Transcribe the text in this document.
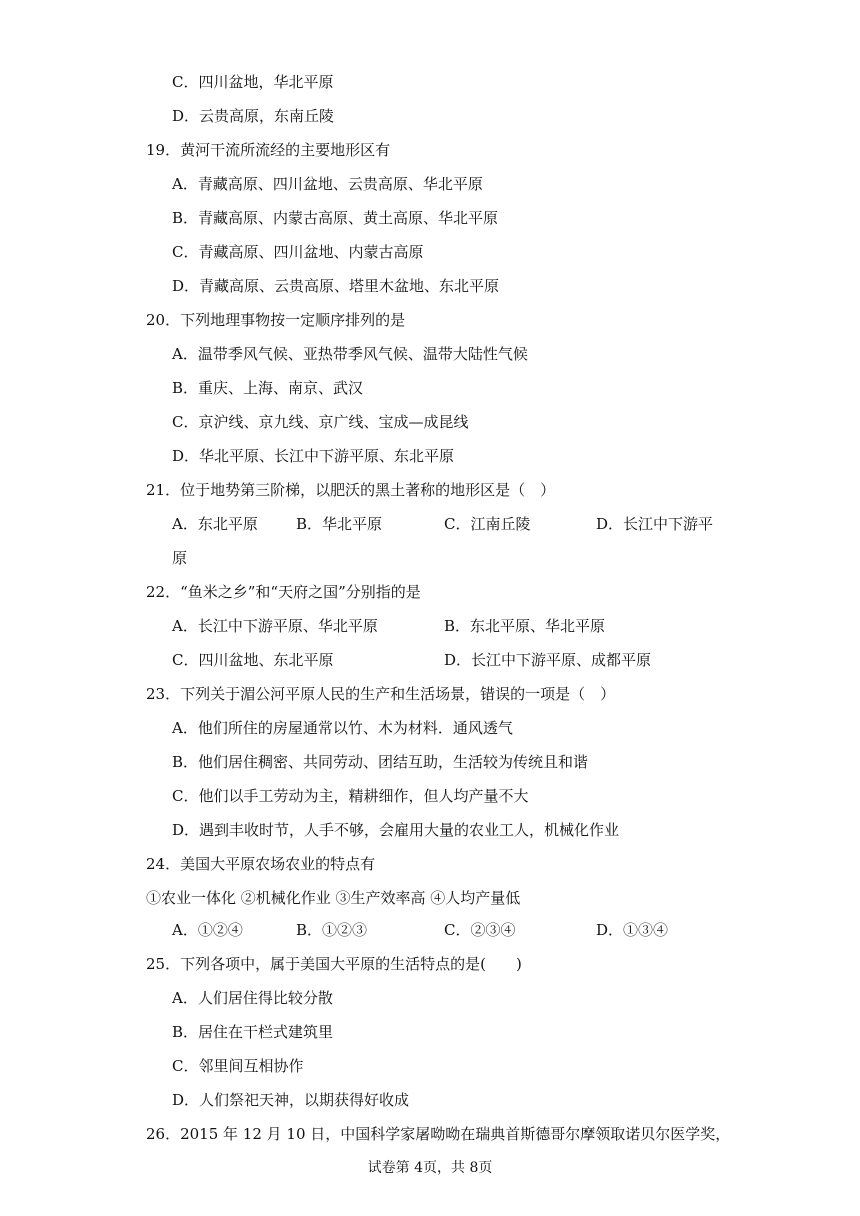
C．四川盆地，华北平原
D．云贵高原，东南丘陵
19．黄河干流所流经的主要地形区有
A．青藏高原、四川盆地、云贵高原、华北平原
B．青藏高原、内蒙古高原、黄土高原、华北平原
C．青藏高原、四川盆地、内蒙古高原
D．青藏高原、云贵高原、塔里木盆地、东北平原
20．下列地理事物按一定顺序排列的是
A．温带季风气候、亚热带季风气候、温带大陆性气候
B．重庆、上海、南京、武汉
C．京沪线、京九线、京广线、宝成—成昆线
D．华北平原、长江中下游平原、东北平原
21．位于地势第三阶梯，以肥沃的黑土著称的地形区是（　）
A．东北平原	B．华北平原	C．江南丘陵	D．长江中下游平
原
22．“鱼米之乡”和“天府之国”分别指的是
A．长江中下游平原、华北平原	B．东北平原、华北平原
C．四川盆地、东北平原	D．长江中下游平原、成都平原
23．下列关于湄公河平原人民的生产和生活场景，错误的一项是（　）
A．他们所住的房屋通常以竹、木为材料．通风透气
B．他们居住稠密、共同劳动、团结互助，生活较为传统且和谐
C．他们以手工劳动为主，精耕细作，但人均产量不大
D．遇到丰收时节，人手不够，会雇用大量的农业工人，机械化作业
24．美国大平原农场农业的特点有
①农业一体化 ②机械化作业 ③生产效率高 ④人均产量低
A．①②④	B．①②③	C．②③④	D．①③④
25．下列各项中，属于美国大平原的生活特点的是(　　)
A．人们居住得比较分散
B．居住在干栏式建筑里
C．邻里间互相协作
D．人们祭祀天神，以期获得好收成
26．2015 年 12 月 10 日，中国科学家屠呦呦在瑞典首斯德哥尔摩领取诺贝尔医学奖，
试卷第 4页，共 8页
